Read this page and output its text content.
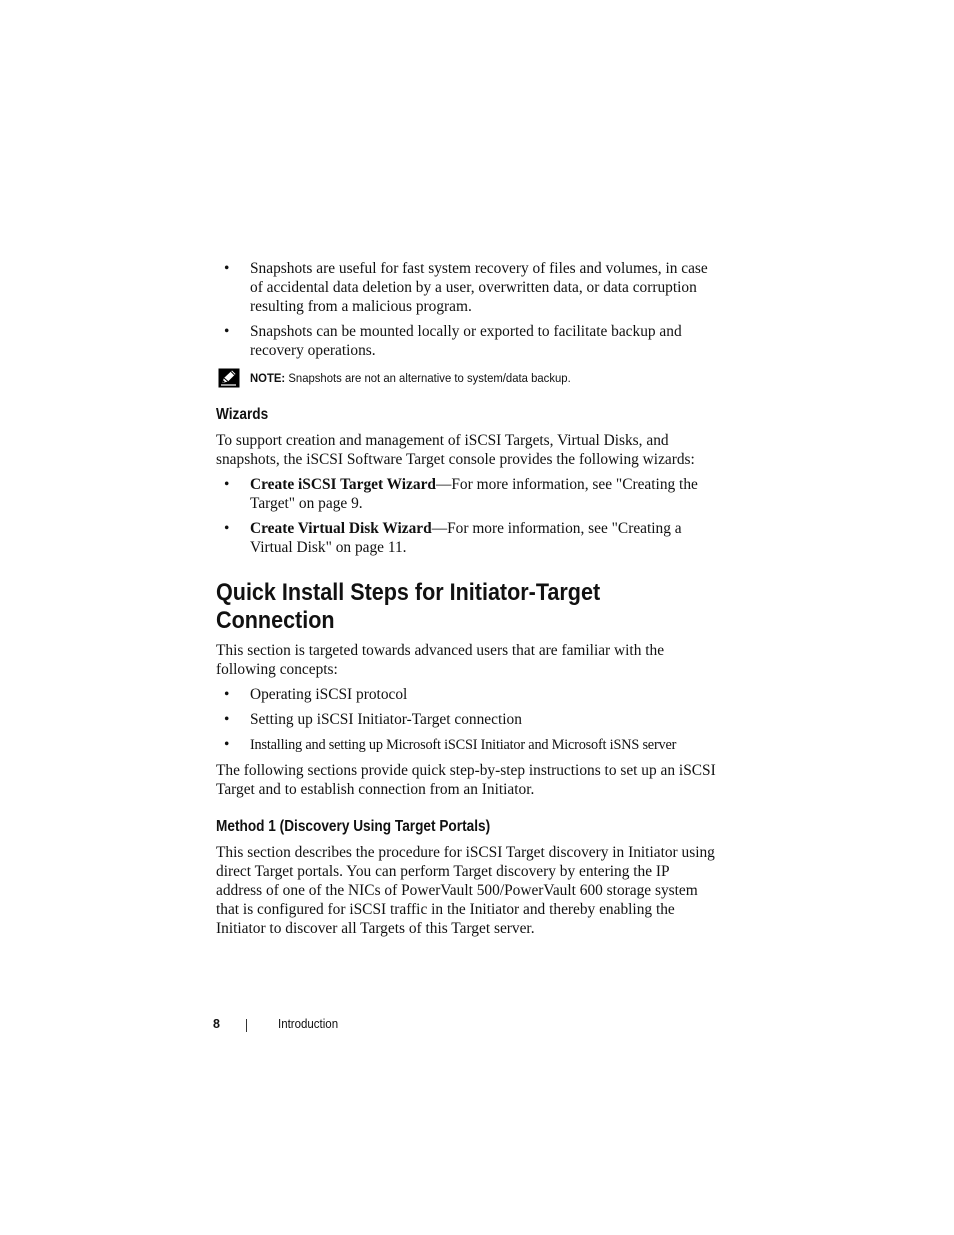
• Snapshots are useful for fast system recovery of files and volumes, in case of accidental data deletion by a user, overwritten data, or data corruption resulting from a malicious program.
• Snapshots can be mounted locally or exported to facilitate backup and recovery operations.
NOTE: Snapshots are not an alternative to system/data backup.
Wizards

To support creation and management of iSCSI Targets, Virtual Disks, and snapshots, the iSCSI Software Target console provides the following wizards:

• Create iSCSI Target Wizard—For more information, see "Creating the Target" on page 9.
• Create Virtual Disk Wizard—For more information, see "Creating a Virtual Disk" on page 11.
Quick Install Steps for Initiator-Target
Connection

This section is targeted towards advanced users that are familiar with the following concepts:

• Operating iSCSI protocol
• Setting up iSCSI Initiator-Target connection
• Installing and setting up Microsoft iSCSI Initiator and Microsoft iSNS server

The following sections provide quick step-by-step instructions to set up an iSCSI Target and to establish connection from an Initiator.

Method 1 (Discovery Using Target Portals)

This section describes the procedure for iSCSI Target discovery in Initiator using direct Target portals. You can perform Target discovery by entering the IP address of one of the NICs of PowerVault 500/PowerVault 600 storage system that is configured for iSCSI traffic in the Initiator and thereby enabling the Initiator to discover all Targets of this Target server.

8	Introduction
